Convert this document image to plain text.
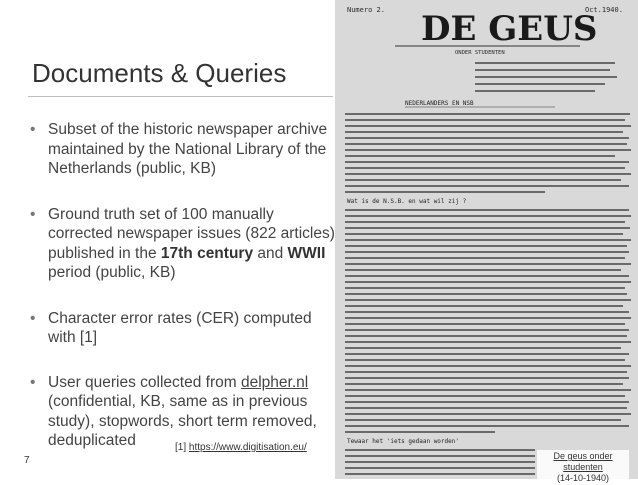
Documents & Queries
• Subset of the historic newspaper archive maintained by the National Library of the Netherlands (public, KB)
• Ground truth set of 100 manually corrected newspaper issues (822 articles) published in the 17th century and WWII period (public, KB)
• Character error rates (CER) computed with [1]
• User queries collected from delpher.nl (confidential, KB, same as in previous study), stopwords, short term removed, deduplicated	[1] https://www.digitisation.eu/
7
Numero 2.	Oct.1940.
DE GEUS
ONDER STUDENTEN
NEDERLANDERS EN NSB
Wat is de N.S.B. en wat wil zij ?
Tewaar het 'iets gedaan worden'
De geus onder studenten
(14-10-1940)
